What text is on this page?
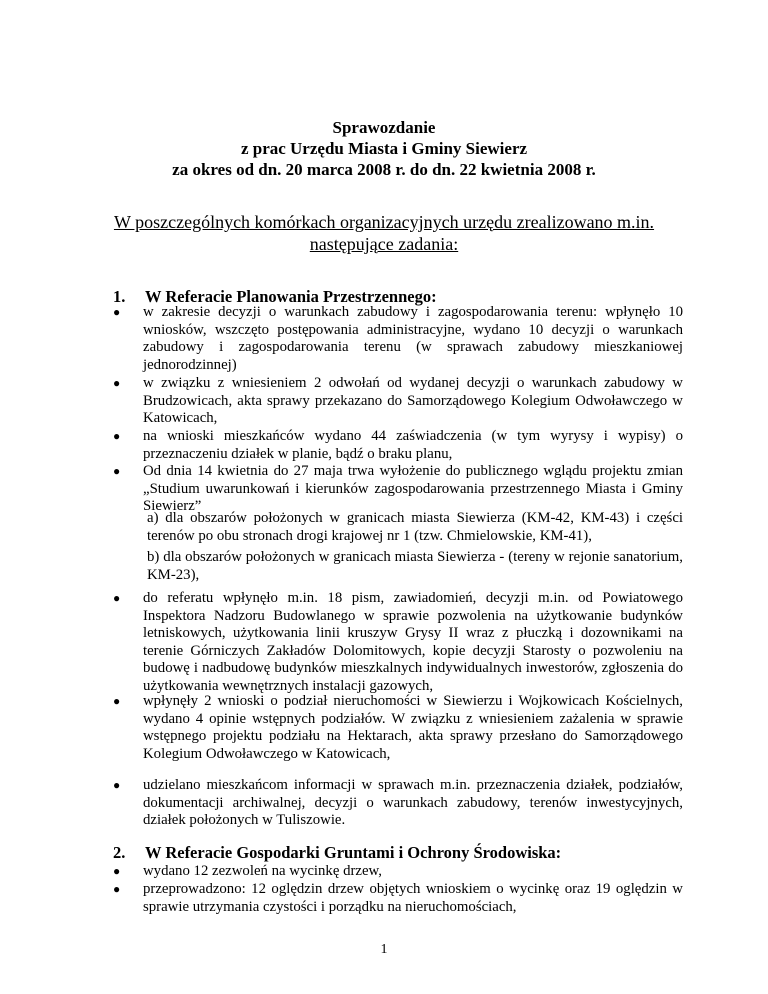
Sprawozdanie
z prac Urzędu Miasta i Gminy Siewierz
za okres od dn. 20 marca 2008 r. do dn. 22 kwietnia 2008 r.
W poszczególnych komórkach organizacyjnych urzędu zrealizowano m.in.
następujące zadania:
1. W Referacie Planowania Przestrzennego:
● w zakresie decyzji o warunkach zabudowy i zagospodarowania terenu: wpłynęło 10 wniosków, wszczęto postępowania administracyjne, wydano 10 decyzji o warunkach zabudowy i zagospodarowania terenu (w sprawach zabudowy mieszkaniowej jednorodzinnej)
● w związku z wniesieniem 2 odwołań od wydanej decyzji o warunkach zabudowy w Brudzowicach, akta sprawy przekazano do Samorządowego Kolegium Odwoławczego w Katowicach,
● na wnioski mieszkańców wydano 44 zaświadczenia (w tym wyrysy i wypisy) o przeznaczeniu działek w planie, bądź o braku planu,
● Od dnia 14 kwietnia do 27 maja trwa wyłożenie do publicznego wglądu projektu zmian „Studium uwarunkowań i kierunków zagospodarowania przestrzennego Miasta i Gminy Siewierz”
a) dla obszarów położonych w granicach miasta Siewierza (KM-42, KM-43) i części terenów po obu stronach drogi krajowej nr 1 (tzw. Chmielowskie, KM-41),
b) dla obszarów położonych w granicach miasta Siewierza - (tereny w rejonie sanatorium, KM-23),
● do referatu wpłynęło m.in. 18 pism, zawiadomień, decyzji m.in. od Powiatowego Inspektora Nadzoru Budowlanego w sprawie pozwolenia na użytkowanie budynków letniskowych, użytkowania linii kruszyw Grysy II wraz z płuczką i dozownikami na terenie Górniczych Zakładów Dolomitowych, kopie decyzji Starosty o pozwoleniu na budowę i nadbudowę budynków mieszkalnych indywidualnych inwestorów, zgłoszenia do użytkowania wewnętrznych instalacji gazowych,
● wpłynęły 2 wnioski o podział nieruchomości w Siewierzu i Wojkowicach Kościelnych, wydano 4 opinie wstępnych podziałów. W związku z wniesieniem zażalenia w sprawie wstępnego projektu podziału na Hektarach, akta sprawy przesłano do Samorządowego Kolegium Odwoławczego w Katowicach,
● udzielano mieszkańcom informacji w sprawach m.in. przeznaczenia działek, podziałów, dokumentacji archiwalnej, decyzji o warunkach zabudowy, terenów inwestycyjnych, działek położonych w Tuliszowie.
2. W Referacie Gospodarki Gruntami i Ochrony Środowiska:
● wydano 12 zezwoleń na wycinkę drzew,
● przeprowadzono: 12 oględzin drzew objętych wnioskiem o wycinkę oraz 19 oględzin w sprawie utrzymania czystości i porządku na nieruchomościach,
1
